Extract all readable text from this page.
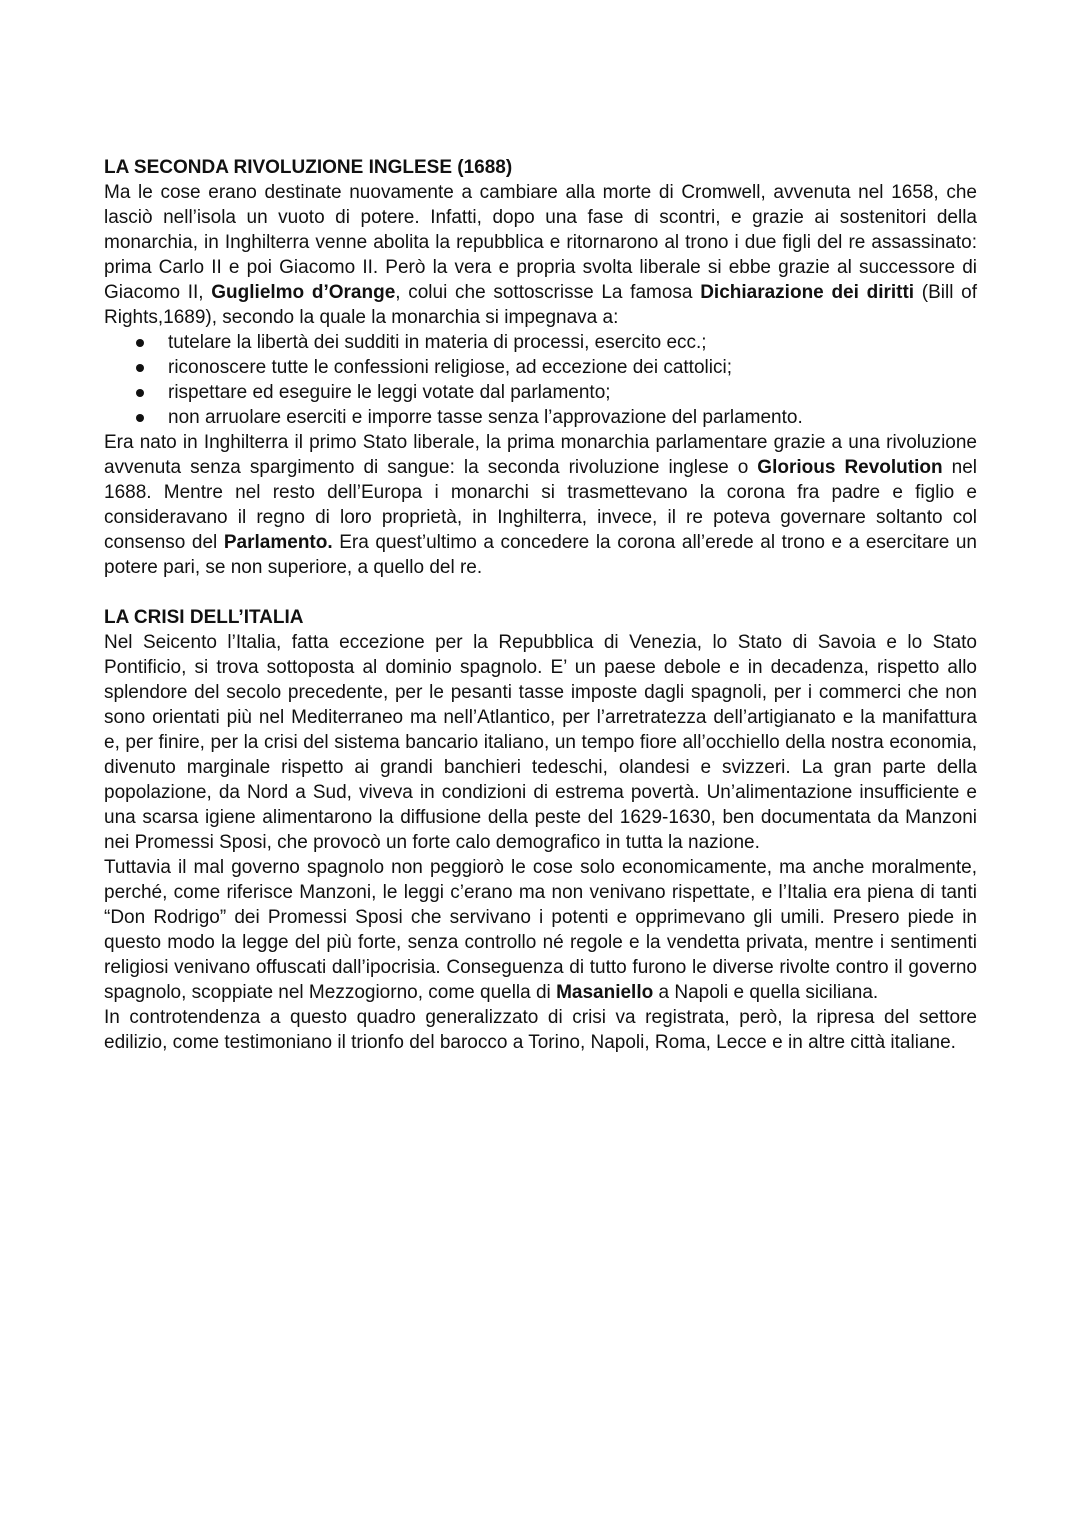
LA SECONDA RIVOLUZIONE INGLESE (1688)

Ma le cose erano destinate nuovamente a cambiare alla morte di Cromwell, avvenuta nel 1658, che lasciò nell’isola un vuoto di potere. Infatti, dopo una fase di scontri, e grazie ai sostenitori della monarchia, in Inghilterra venne abolita la repubblica e ritornarono al trono i due figli del re assassinato: prima Carlo II e poi Giacomo II. Però la vera e propria svolta liberale si ebbe grazie al successore di Giacomo II, Guglielmo d’Orange, colui che sottoscrisse La famosa Dichiarazione dei diritti (Bill of Rights,1689), secondo la quale la monarchia si impegnava a:

tutelare la libertà dei sudditi in materia di processi, esercito ecc.;
riconoscere tutte le confessioni religiose, ad eccezione dei cattolici;
rispettare ed eseguire le leggi votate dal parlamento;
non arruolare eserciti e imporre tasse senza l’approvazione del parlamento.

Era nato in Inghilterra il primo Stato liberale, la prima monarchia parlamentare grazie a una rivoluzione avvenuta senza spargimento di sangue: la seconda rivoluzione inglese o Glorious Revolution nel 1688. Mentre nel resto dell’Europa i monarchi si trasmettevano la corona fra padre e figlio e consideravano il regno di loro proprietà, in Inghilterra, invece, il re poteva governare soltanto col consenso del Parlamento. Era quest’ultimo a concedere la corona all’erede al trono e a esercitare un potere pari, se non superiore, a quello del re.

LA CRISI DELL’ITALIA

Nel Seicento l’Italia, fatta eccezione per la Repubblica di Venezia, lo Stato di Savoia e lo Stato Pontificio, si trova sottoposta al dominio spagnolo. E’ un paese debole e in decadenza, rispetto allo splendore del secolo precedente, per le pesanti tasse imposte dagli spagnoli, per i commerci che non sono orientati più nel Mediterraneo ma nell’Atlantico, per l’arretratezza dell’artigianato e la manifattura e, per finire, per la crisi del sistema bancario italiano, un tempo fiore all’occhiello della nostra economia, divenuto marginale rispetto ai grandi banchieri tedeschi, olandesi e svizzeri. La gran parte della popolazione, da Nord a Sud, viveva in condizioni di estrema povertà. Un’alimentazione insufficiente e una scarsa igiene alimentarono la diffusione della peste del 1629-1630, ben documentata da Manzoni nei Promessi Sposi, che provocò un forte calo demografico in tutta la nazione.

Tuttavia il mal governo spagnolo non peggiorò le cose solo economicamente, ma anche moralmente, perché, come riferisce Manzoni, le leggi c’erano ma non venivano rispettate, e l’Italia era piena di tanti “Don Rodrigo” dei Promessi Sposi che servivano i potenti e opprimevano gli umili. Presero piede in questo modo la legge del più forte, senza controllo né regole e la vendetta privata, mentre i sentimenti religiosi venivano offuscati dall’ipocrisia. Conseguenza di tutto furono le diverse rivolte contro il governo spagnolo, scoppiate nel Mezzogiorno, come quella di Masaniello a Napoli e quella siciliana.

In controtendenza a questo quadro generalizzato di crisi va registrata, però, la ripresa del settore edilizio, come testimoniano il trionfo del barocco a Torino, Napoli, Roma, Lecce e in altre città italiane.
